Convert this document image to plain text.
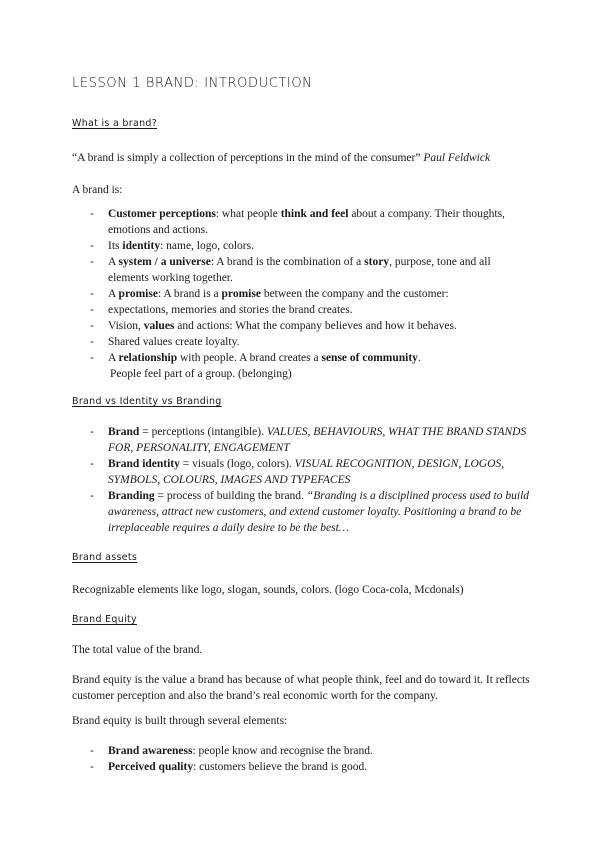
LESSON 1 BRAND: INTRODUCTION
What is a brand?
“A brand is simply a collection of perceptions in the mind of the consumer” Paul Feldwick
A brand is:
- Customer perceptions: what people think and feel about a company. Their thoughts, emotions and actions.
- Its identity: name, logo, colors.
- A system / a universe: A brand is the combination of a story, purpose, tone and all elements working together.
- A promise: A brand is a promise between the company and the customer:
- expectations, memories and stories the brand creates.
- Vision, values and actions: What the company believes and how it behaves.
- Shared values create loyalty.
- A relationship with people. A brand creates a sense of community.
People feel part of a group. (belonging)
Brand vs Identity vs Branding
- Brand = perceptions (intangible). VALUES, BEHAVIOURS, WHAT THE BRAND STANDS FOR, PERSONALITY, ENGAGEMENT
- Brand identity = visuals (logo, colors). VISUAL RECOGNITION, DESIGN, LOGOS, SYMBOLS, COLOURS, IMAGES AND TYPEFACES
- Branding = process of building the brand. “Branding is a disciplined process used to build awareness, attract new customers, and extend customer loyalty. Positioning a brand to be irreplaceable requires a daily desire to be the best…
Brand assets
Recognizable elements like logo, slogan, sounds, colors. (logo Coca-cola, Mcdonals)
Brand Equity
The total value of the brand.
Brand equity is the value a brand has because of what people think, feel and do toward it. It reflects customer perception and also the brand’s real economic worth for the company.
Brand equity is built through several elements:
- Brand awareness: people know and recognise the brand.
- Perceived quality: customers believe the brand is good.
